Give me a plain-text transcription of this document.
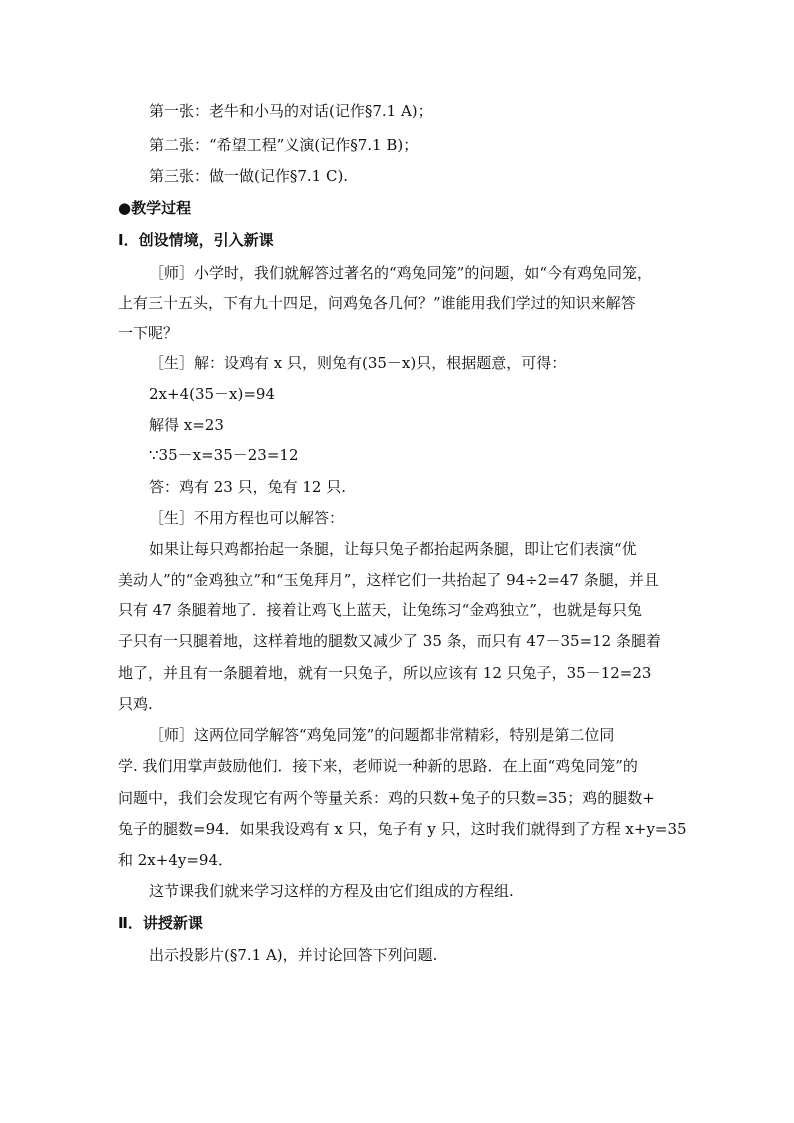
第一张：老牛和小马的对话(记作§7.1 A)；
第二张：“希望工程”义演(记作§7.1 B)；
第三张：做一做(记作§7.1 C).
●教学过程
Ⅰ．创设情境，引入新课
［师］小学时，我们就解答过著名的“鸡兔同笼”的问题，如“今有鸡兔同笼，
上有三十五头，下有九十四足，问鸡兔各几何？”谁能用我们学过的知识来解答
一下呢？
［生］解：设鸡有 x 只，则兔有(35－x)只，根据题意，可得：
2x+4(35－x)=94
解得 x=23
∵35－x=35－23=12
答：鸡有 23 只，兔有 12 只.
［生］不用方程也可以解答：
如果让每只鸡都抬起一条腿，让每只兔子都抬起两条腿，即让它们表演“优
美动人”的“金鸡独立”和“玉兔拜月”，这样它们一共抬起了 94÷2=47 条腿，并且
只有 47 条腿着地了．接着让鸡飞上蓝天，让兔练习“金鸡独立”，也就是每只兔
子只有一只腿着地，这样着地的腿数又减少了 35 条，而只有 47－35=12 条腿着
地了，并且有一条腿着地，就有一只兔子，所以应该有 12 只兔子，35－12=23
只鸡.
［师］这两位同学解答“鸡兔同笼”的问题都非常精彩，特别是第二位同
学. 我们用掌声鼓励他们．接下来，老师说一种新的思路．在上面“鸡兔同笼”的
问题中，我们会发现它有两个等量关系：鸡的只数+兔子的只数=35；鸡的腿数+
兔子的腿数=94．如果我设鸡有 x 只，兔子有 y 只，这时我们就得到了方程 x+y=35
和 2x+4y=94．
这节课我们就来学习这样的方程及由它们组成的方程组.
Ⅱ．讲授新课
出示投影片(§7.1 A)，并讨论回答下列问题.
